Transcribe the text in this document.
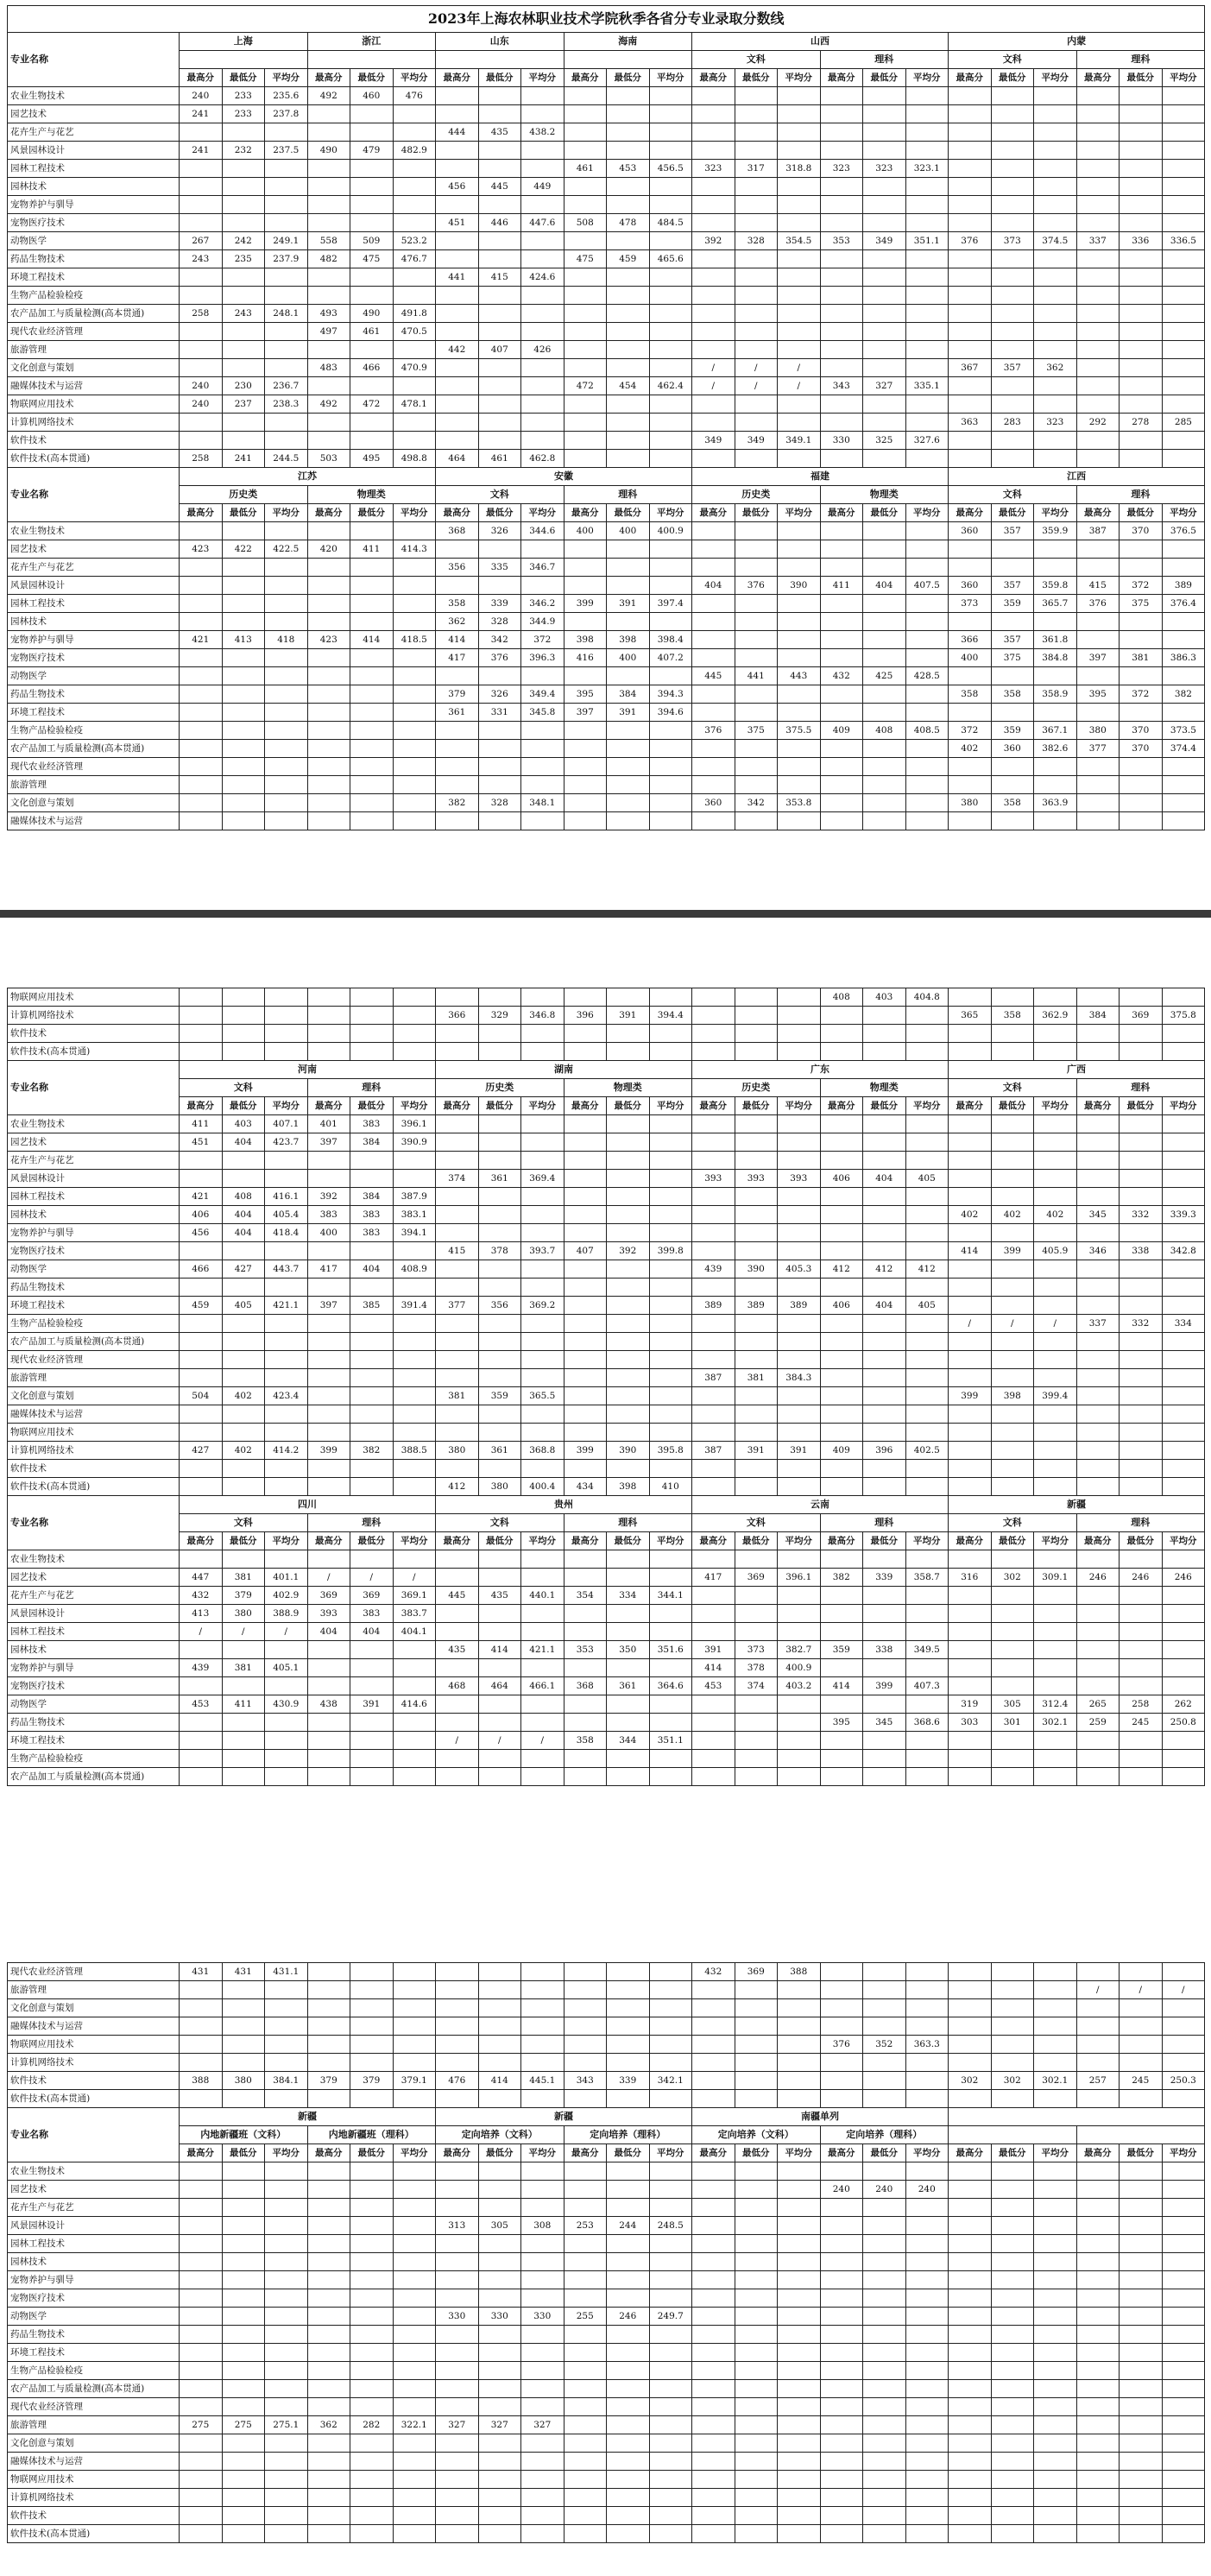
2023年上海农林职业技术学院秋季各省分专业录取分数线																								
专业名称	上海			浙江			山东			海南			山西						内蒙					
													文科			理科			文科			理科		
	最高分	最低分	平均分	最高分	最低分	平均分	最高分	最低分	平均分	最高分	最低分	平均分	最高分	最低分	平均分	最高分	最低分	平均分	最高分	最低分	平均分	最高分	最低分	平均分
农业生物技术	240	233	235.6	492	460	476																		
园艺技术	241	233	237.8																					
花卉生产与花艺							444	435	438.2															
风景园林设计	241	232	237.5	490	479	482.9																		
园林工程技术										461	453	456.5	323	317	318.8	323	323	323.1						
园林技术							456	445	449															
宠物养护与驯导																								
宠物医疗技术							451	446	447.6	508	478	484.5												
动物医学	267	242	249.1	558	509	523.2							392	328	354.5	353	349	351.1	376	373	374.5	337	336	336.5
药品生物技术	243	235	237.9	482	475	476.7				475	459	465.6												
环境工程技术							441	415	424.6															
生物产品检验检疫																								
农产品加工与质量检测(高本贯通)	258	243	248.1	493	490	491.8																		
现代农业经济管理				497	461	470.5																		
旅游管理							442	407	426															
文化创意与策划				483	466	470.9							/	/	/				367	357	362			
融媒体技术与运营	240	230	236.7							472	454	462.4	/	/	/	343	327	335.1						
物联网应用技术	240	237	238.3	492	472	478.1																		
计算机网络技术																			363	283	323	292	278	285
软件技术													349	349	349.1	330	325	327.6						
软件技术(高本贯通)	258	241	244.5	503	495	498.8	464	461	462.8															
专业名称	江苏						安徽						福建						江西					
	历史类			物理类			文科			理科			历史类			物理类			文科			理科		
	最高分	最低分	平均分	最高分	最低分	平均分	最高分	最低分	平均分	最高分	最低分	平均分	最高分	最低分	平均分	最高分	最低分	平均分	最高分	最低分	平均分	最高分	最低分	平均分
农业生物技术							368	326	344.6	400	400	400.9							360	357	359.9	387	370	376.5
园艺技术	423	422	422.5	420	411	414.3																		
花卉生产与花艺							356	335	346.7															
风景园林设计													404	376	390	411	404	407.5	360	357	359.8	415	372	389
园林工程技术							358	339	346.2	399	391	397.4							373	359	365.7	376	375	376.4
园林技术							362	328	344.9															
宠物养护与驯导	421	413	418	423	414	418.5	414	342	372	398	398	398.4							366	357	361.8			
宠物医疗技术							417	376	396.3	416	400	407.2							400	375	384.8	397	381	386.3
动物医学													445	441	443	432	425	428.5						
药品生物技术							379	326	349.4	395	384	394.3							358	358	358.9	395	372	382
环境工程技术							361	331	345.8	397	391	394.6												
生物产品检验检疫													376	375	375.5	409	408	408.5	372	359	367.1	380	370	373.5
农产品加工与质量检测(高本贯通)																			402	360	382.6	377	370	374.4
现代农业经济管理																								
旅游管理																								
文化创意与策划							382	328	348.1				360	342	353.8				380	358	363.9			
融媒体技术与运营																								
物联网应用技术																408	403	404.8						
计算机网络技术							366	329	346.8	396	391	394.4							365	358	362.9	384	369	375.8
软件技术																								
软件技术(高本贯通)																								
专业名称	河南						湖南						广东						广西					
	文科			理科			历史类			物理类			历史类			物理类			文科			理科		
	最高分	最低分	平均分	最高分	最低分	平均分	最高分	最低分	平均分	最高分	最低分	平均分	最高分	最低分	平均分	最高分	最低分	平均分	最高分	最低分	平均分	最高分	最低分	平均分
农业生物技术	411	403	407.1	401	383	396.1																		
园艺技术	451	404	423.7	397	384	390.9																		
花卉生产与花艺																								
风景园林设计							374	361	369.4				393	393	393	406	404	405						
园林工程技术	421	408	416.1	392	384	387.9																		
园林技术	406	404	405.4	383	383	383.1													402	402	402	345	332	339.3
宠物养护与驯导	456	404	418.4	400	383	394.1																		
宠物医疗技术							415	378	393.7	407	392	399.8							414	399	405.9	346	338	342.8
动物医学	466	427	443.7	417	404	408.9							439	390	405.3	412	412	412						
药品生物技术																								
环境工程技术	459	405	421.1	397	385	391.4	377	356	369.2				389	389	389	406	404	405						
生物产品检验检疫																			/	/	/	337	332	334
农产品加工与质量检测(高本贯通)																								
现代农业经济管理																								
旅游管理													387	381	384.3									
文化创意与策划	504	402	423.4				381	359	365.5										399	398	399.4			
融媒体技术与运营																								
物联网应用技术																								
计算机网络技术	427	402	414.2	399	382	388.5	380	361	368.8	399	390	395.8	387	391	391	409	396	402.5						
软件技术																								
软件技术(高本贯通)							412	380	400.4	434	398	410												
专业名称	四川						贵州						云南						新疆					
	文科			理科			文科			理科			文科			理科			文科			理科		
	最高分	最低分	平均分	最高分	最低分	平均分	最高分	最低分	平均分	最高分	最低分	平均分	最高分	最低分	平均分	最高分	最低分	平均分	最高分	最低分	平均分	最高分	最低分	平均分
农业生物技术																								
园艺技术	447	381	401.1	/	/	/							417	369	396.1	382	339	358.7	316	302	309.1	246	246	246
花卉生产与花艺	432	379	402.9	369	369	369.1	445	435	440.1	354	334	344.1												
风景园林设计	413	380	388.9	393	383	383.7																		
园林工程技术	/	/	/	404	404	404.1																		
园林技术							435	414	421.1	353	350	351.6	391	373	382.7	359	338	349.5						
宠物养护与驯导	439	381	405.1										414	378	400.9									
宠物医疗技术							468	464	466.1	368	361	364.6	453	374	403.2	414	399	407.3						
动物医学	453	411	430.9	438	391	414.6													319	305	312.4	265	258	262
药品生物技术																395	345	368.6	303	301	302.1	259	245	250.8
环境工程技术							/	/	/	358	344	351.1												
生物产品检验检疫																								
农产品加工与质量检测(高本贯通)																								
现代农业经济管理	431	431	431.1										432	369	388									
旅游管理																						/	/	/
文化创意与策划																								
融媒体技术与运营																								
物联网应用技术																376	352	363.3						
计算机网络技术																								
软件技术	388	380	384.1	379	379	379.1	476	414	445.1	343	339	342.1							302	302	302.1	257	245	250.3
软件技术(高本贯通)																								
专业名称	新疆						新疆						南疆单列											
	内地新疆班（文科）			内地新疆班（理科）			定向培养（文科）			定向培养（理科）			定向培养（文科）			定向培养（理科）								
	最高分	最低分	平均分	最高分	最低分	平均分	最高分	最低分	平均分	最高分	最低分	平均分	最高分	最低分	平均分	最高分	最低分	平均分	最高分	最低分	平均分	最高分	最低分	平均分
农业生物技术																								
园艺技术																240	240	240						
花卉生产与花艺																								
风景园林设计							313	305	308	253	244	248.5												
园林工程技术																								
园林技术																								
宠物养护与驯导																								
宠物医疗技术																								
动物医学							330	330	330	255	246	249.7												
药品生物技术																								
环境工程技术																								
生物产品检验检疫																								
农产品加工与质量检测(高本贯通)																								
现代农业经济管理																								
旅游管理	275	275	275.1	362	282	322.1	327	327	327															
文化创意与策划																								
融媒体技术与运营																								
物联网应用技术																								
计算机网络技术																								
软件技术																								
软件技术(高本贯通)																								
